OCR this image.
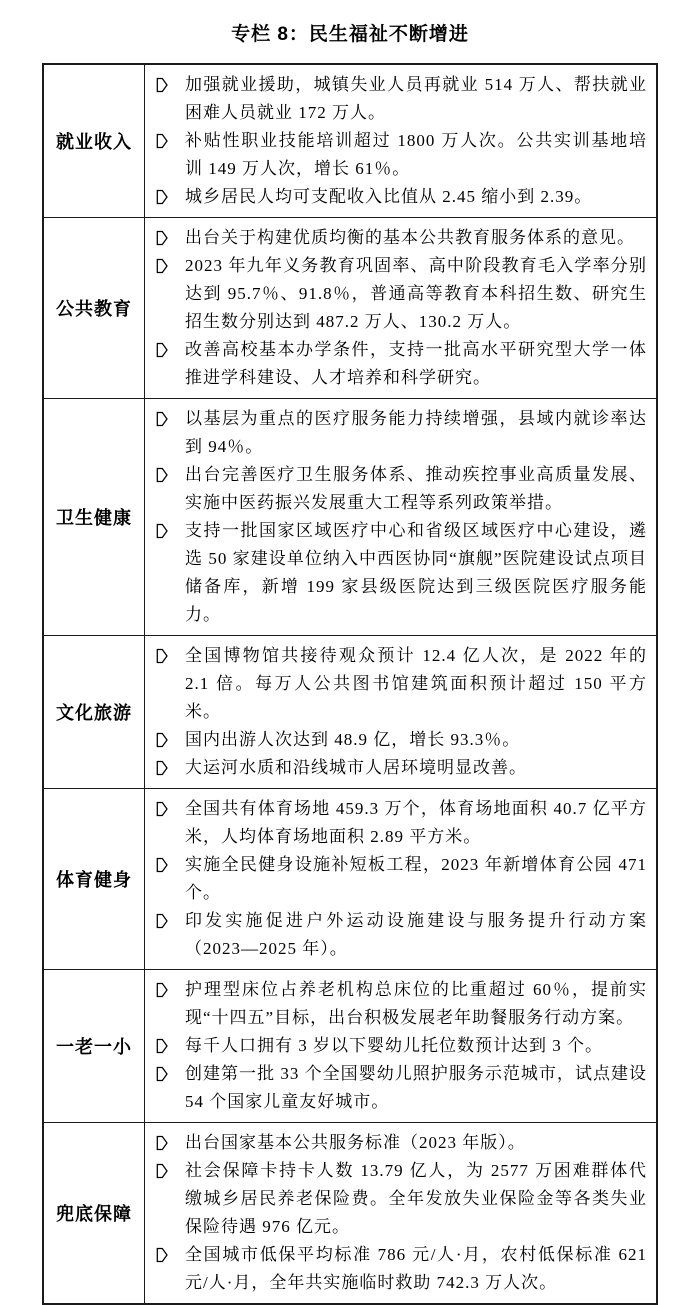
专栏 8：民生福祉不断增进
就业收入
加强就业援助，城镇失业人员再就业 514 万人、帮扶就业困难人员就业 172 万人。
补贴性职业技能培训超过 1800 万人次。公共实训基地培训 149 万人次，增长 61％。
城乡居民人均可支配收入比值从 2.45 缩小到 2.39。
公共教育
出台关于构建优质均衡的基本公共教育服务体系的意见。
2023 年九年义务教育巩固率、高中阶段教育毛入学率分别达到 95.7％、91.8％，普通高等教育本科招生数、研究生招生数分别达到 487.2 万人、130.2 万人。
改善高校基本办学条件，支持一批高水平研究型大学一体推进学科建设、人才培养和科学研究。
卫生健康
以基层为重点的医疗服务能力持续增强，县域内就诊率达到 94％。
出台完善医疗卫生服务体系、推动疾控事业高质量发展、实施中医药振兴发展重大工程等系列政策举措。
支持一批国家区域医疗中心和省级区域医疗中心建设，遴选 50 家建设单位纳入中西医协同“旗舰”医院建设试点项目储备库，新增 199 家县级医院达到三级医院医疗服务能力。
文化旅游
全国博物馆共接待观众预计 12.4 亿人次，是 2022 年的 2.1 倍。每万人公共图书馆建筑面积预计超过 150 平方米。
国内出游人次达到 48.9 亿，增长 93.3％。
大运河水质和沿线城市人居环境明显改善。
体育健身
全国共有体育场地 459.3 万个，体育场地面积 40.7 亿平方米，人均体育场地面积 2.89 平方米。
实施全民健身设施补短板工程，2023 年新增体育公园 471 个。
印发实施促进户外运动设施建设与服务提升行动方案（2023—2025 年）。
一老一小
护理型床位占养老机构总床位的比重超过 60％，提前实现“十四五”目标，出台积极发展老年助餐服务行动方案。
每千人口拥有 3 岁以下婴幼儿托位数预计达到 3 个。
创建第一批 33 个全国婴幼儿照护服务示范城市，试点建设 54 个国家儿童友好城市。
兜底保障
出台国家基本公共服务标准（2023 年版）。
社会保障卡持卡人数 13.79 亿人，为 2577 万困难群体代缴城乡居民养老保险费。全年发放失业保险金等各类失业保险待遇 976 亿元。
全国城市低保平均标准 786 元/人·月，农村低保标准 621 元/人·月，全年共实施临时救助 742.3 万人次。
